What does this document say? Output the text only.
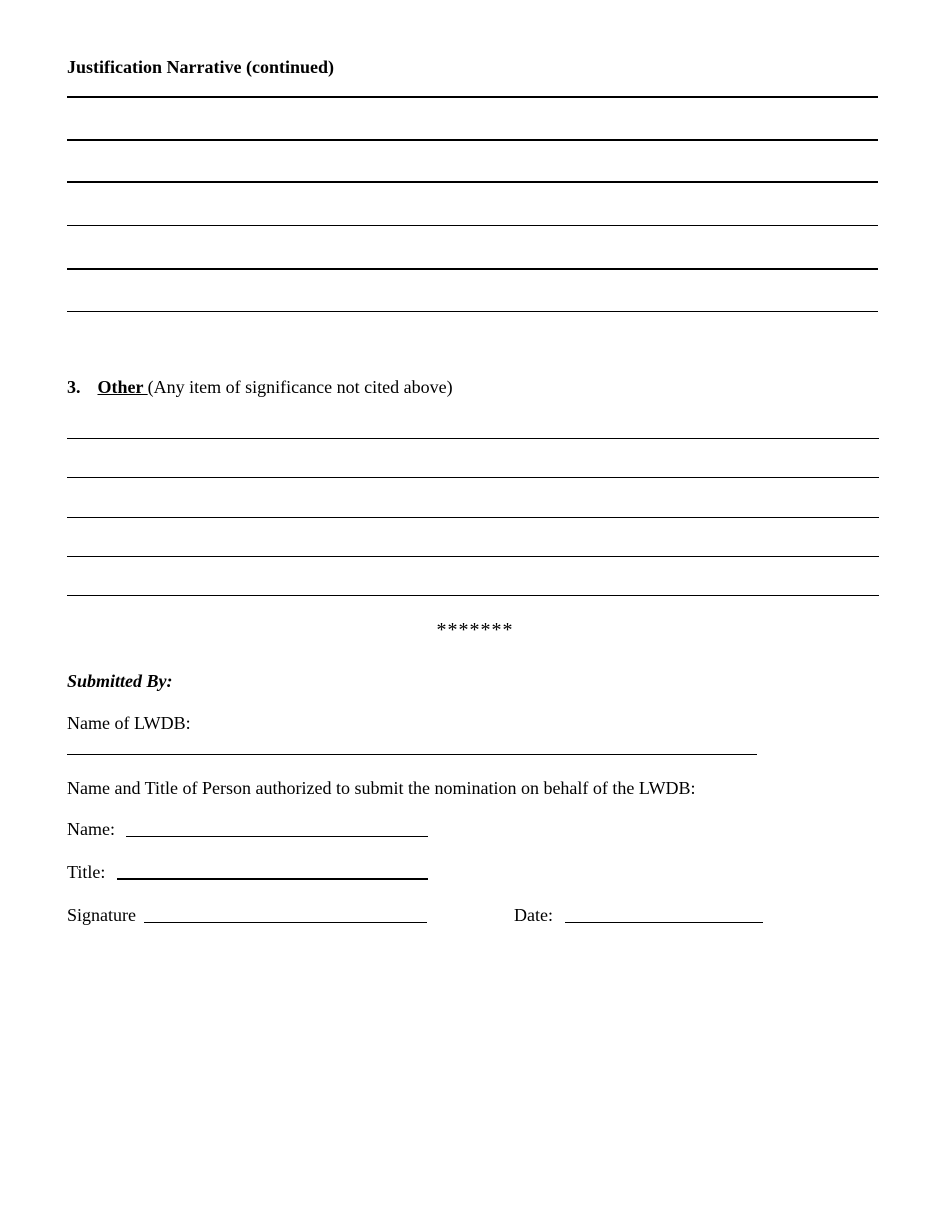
Justification Narrative (continued)
3. Other (Any item of significance not cited above)
*******
Submitted By:
Name of LWDB:
Name and Title of Person authorized to submit the nomination on behalf of the LWDB:
Name:
Title:
Signature	Date:
